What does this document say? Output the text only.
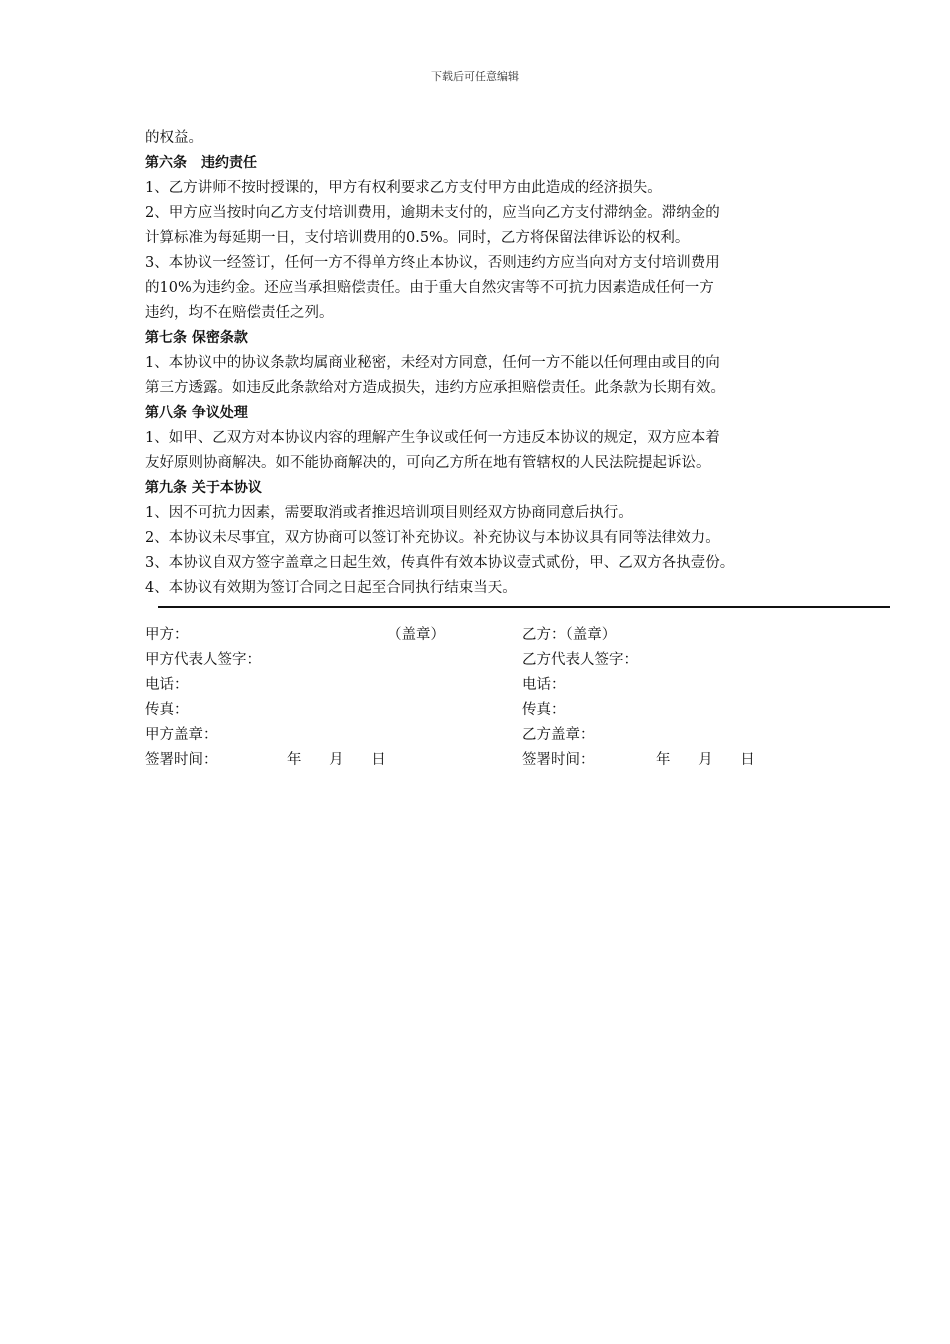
下载后可任意编辑
的权益。
第六条　违约责任
1、乙方讲师不按时授课的，甲方有权利要求乙方支付甲方由此造成的经济损失。
2、甲方应当按时向乙方支付培训费用，逾期未支付的，应当向乙方支付滞纳金。滞纳金的
计算标准为每延期一日，支付培训费用的0.5%。同时，乙方将保留法律诉讼的权利。
3、本协议一经签订，任何一方不得单方终止本协议，否则违约方应当向对方支付培训费用
的10%为违约金。还应当承担赔偿责任。由于重大自然灾害等不可抗力因素造成任何一方
违约，均不在赔偿责任之列。
第七条 保密条款
1、本协议中的协议条款均属商业秘密，未经对方同意，任何一方不能以任何理由或目的向
第三方透露。如违反此条款给对方造成损失，违约方应承担赔偿责任。此条款为长期有效。
第八条 争议处理
1、如甲、乙双方对本协议内容的理解产生争议或任何一方违反本协议的规定，双方应本着
友好原则协商解决。如不能协商解决的，可向乙方所在地有管辖权的人民法院提起诉讼。
第九条 关于本协议
1、因不可抗力因素，需要取消或者推迟培训项目则经双方协商同意后执行。
2、本协议未尽事宜，双方协商可以签订补充协议。补充协议与本协议具有同等法律效力。
3、本协议自双方签字盖章之日起生效，传真件有效本协议壹式贰份，甲、乙双方各执壹份。
4、本协议有效期为签订合同之日起至合同执行结束当天。
甲方：	（盖章）	乙方：（盖章）
甲方代表人签字：	乙方代表人签字：
电话：	电话：
传真：	传真：
甲方盖章：	乙方盖章：
签署时间：	年      月      日	签署时间：	年      月      日
